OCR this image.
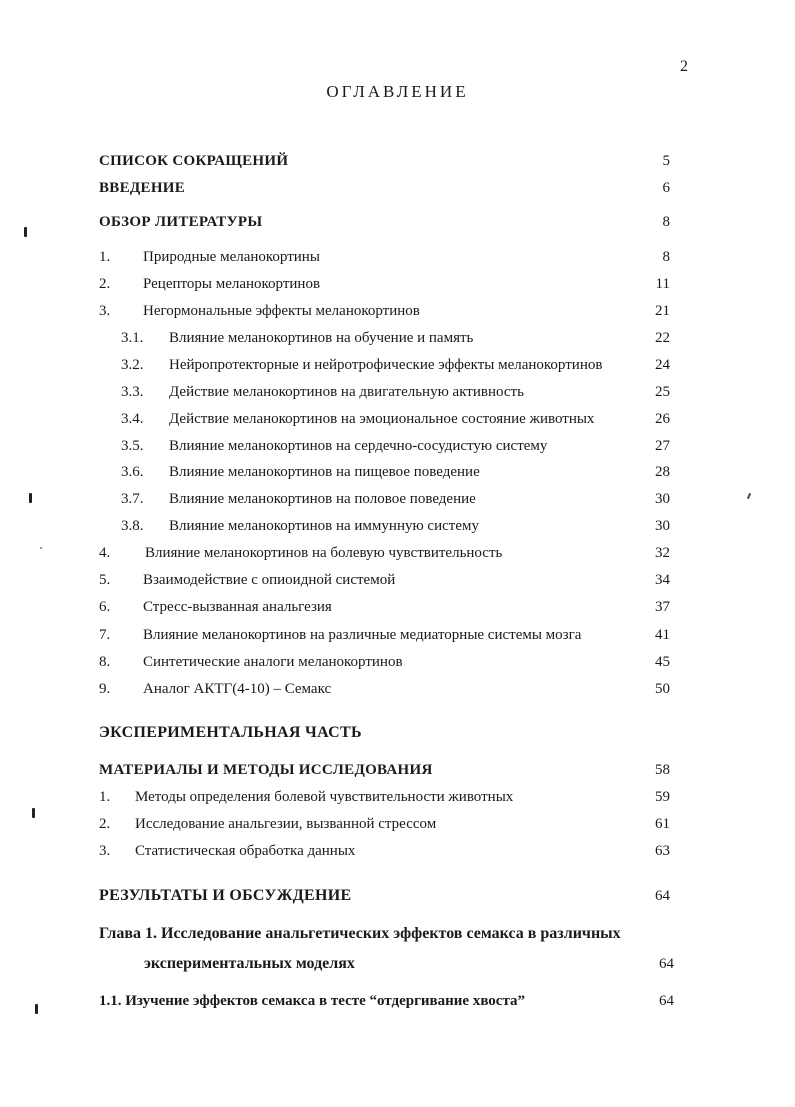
2
ОГЛАВЛЕНИЕ
СПИСОК СОКРАЩЕНИЙ	5
ВВЕДЕНИЕ	6
ОБЗОР ЛИТЕРАТУРЫ	8
1. Природные меланокортины	8
2. Рецепторы меланокортинов	11
3. Негормональные эффекты меланокортинов	21
3.1. Влияние меланокортинов на обучение и память	22
3.2. Нейропротекторные и нейротрофические эффекты меланокортинов	24
3.3. Действие меланокортинов на двигательную активность	25
3.4. Действие меланокортинов на эмоциональное состояние животных	26
3.5. Влияние меланокортинов на сердечно-сосудистую систему	27
3.6. Влияние меланокортинов на пищевое поведение	28
3.7. Влияние меланокортинов на половое поведение	30
3.8. Влияние меланокортинов на иммунную систему	30
4. Влияние меланокортинов на болевую чувствительность	32
5. Взаимодействие с опиоидной системой	34
6. Стресс-вызванная анальгезия	37
7. Влияние меланокортинов на различные медиаторные системы мозга	41
8. Синтетические аналоги меланокортинов	45
9. Аналог АКТГ(4-10) – Семакс	50
ЭКСПЕРИМЕНТАЛЬНАЯ ЧАСТЬ
МАТЕРИАЛЫ И МЕТОДЫ ИССЛЕДОВАНИЯ	58
1. Методы определения болевой чувствительности животных	59
2. Исследование анальгезии, вызванной стрессом	61
3. Статистическая обработка данных	63
РЕЗУЛЬТАТЫ И ОБСУЖДЕНИЕ	64
Глава 1. Исследование анальгетических эффектов семакса в различных
экспериментальных моделях	64
1.1. Изучение эффектов семакса в тесте “отдергивание хвоста”	64
